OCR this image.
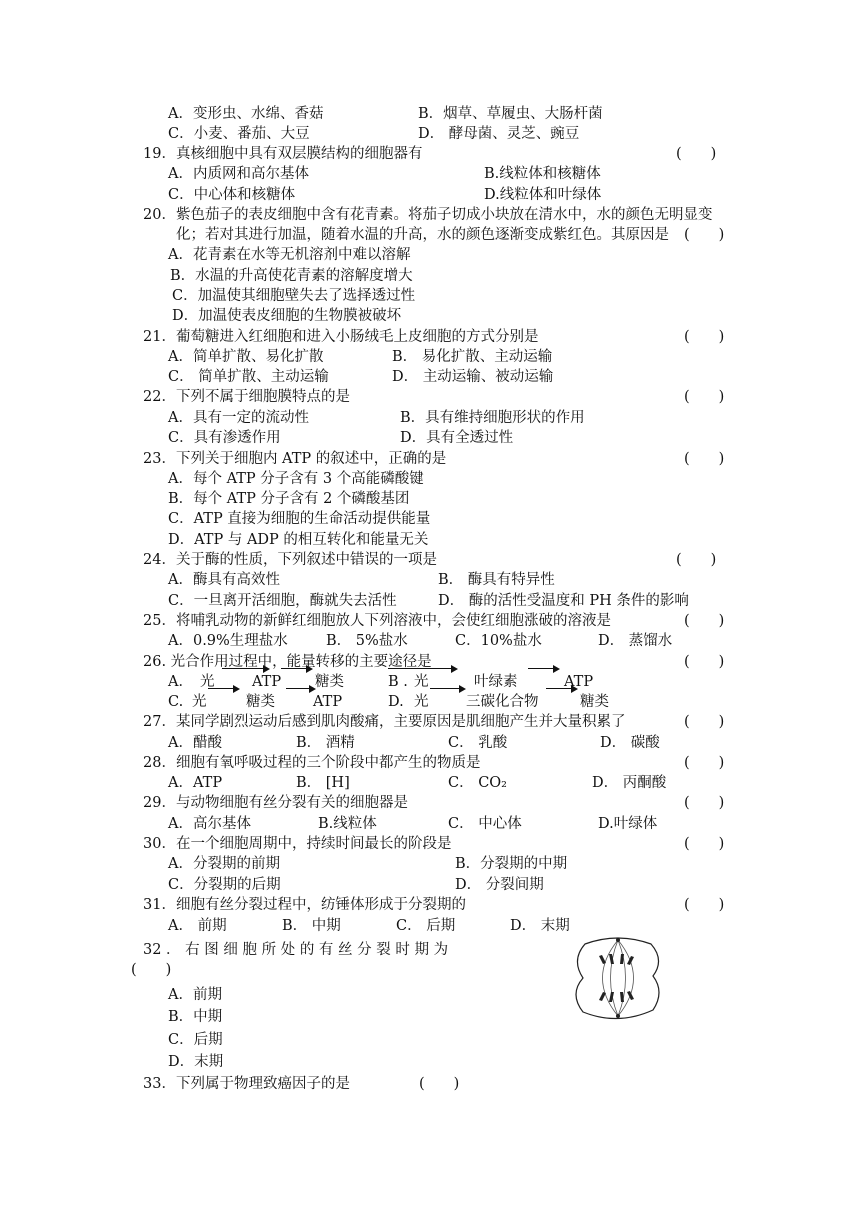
A．变形虫、水绵、香菇	B．烟草、草履虫、大肠杆菌
C．小麦、番茄、大豆	D． 酵母菌、灵芝、豌豆
19．真核细胞中具有双层膜结构的细胞器有	(　　)
A．内质网和高尔基体	B.线粒体和核糖体
C．中心体和核糖体	D.线粒体和叶绿体
20．紫色茄子的表皮细胞中含有花青素。将茄子切成小块放在清水中，水的颜色无明显变
化；若对其进行加温，随着水温的升高，水的颜色逐渐变成紫红色。其原因是 (　　)
A．花青素在水等无机溶剂中难以溶解
B．水温的升高使花青素的溶解度增大
C．加温使其细胞壁失去了选择透过性
D．加温使表皮细胞的生物膜被破坏
21．葡萄糖进入红细胞和进入小肠绒毛上皮细胞的方式分别是	(　　)
A．简单扩散、易化扩散	B． 易化扩散、主动运输
C． 简单扩散、主动运输	D． 主动运输、被动运输
22．下列不属于细胞膜特点的是	(　　)
A．具有一定的流动性	B．具有维持细胞形状的作用
C．具有渗透作用	D．具有全透过性
23．下列关于细胞内 ATP 的叙述中，正确的是	(　　)
A．每个 ATP 分子含有 3 个高能磷酸键
B．每个 ATP 分子含有 2 个磷酸基团
C．ATP 直接为细胞的生命活动提供能量
D．ATP 与 ADP 的相互转化和能量无关
24．关于酶的性质，下列叙述中错误的一项是	(　　)
A．酶具有高效性	B． 酶具有特异性
C．一旦离开活细胞，酶就失去活性	D． 酶的活性受温度和 PH 条件的影响
25．将哺乳动物的新鲜红细胞放人下列溶液中，会使红细胞涨破的溶液是	(　　)
A．0.9%生理盐水	B． 5%盐水	C．10%盐水	D． 蒸馏水
26. 光合作用过程中，能量转移的主要途径是	(　　)
A． 光	ATP 糖类	B . 光	叶绿素	ATP
C. 光	糖类	ATP	D. 光	三碳化合物	糖类
27．某同学剧烈运动后感到肌肉酸痛，主要原因是肌细胞产生并大量积累了	(　　)
A．醋酸	B． 酒精	C． 乳酸	D． 碳酸
28．细胞有氧呼吸过程的三个阶段中都产生的物质是	(　　)
A．ATP	B． [H]	C． CO₂	D． 丙酮酸
29．与动物细胞有丝分裂有关的细胞器是	(　　)
A．高尔基体	B.线粒体	C． 中心体	D.叶绿体
30．在一个细胞周期中，持续时间最长的阶段是	(　　)
A．分裂期的前期	B．分裂期的中期
C．分裂期的后期	D． 分裂间期
31．细胞有丝分裂过程中，纺锤体形成于分裂期的	(　　)
A． 前期	B． 中期	C． 后期	D． 末期
32 ． 右 图 细 胞 所 处 的 有 丝 分 裂 时 期 为
(　　)
A．前期
B．中期
C．后期
D．末期
33．下列属于物理致癌因子的是	(　　)
